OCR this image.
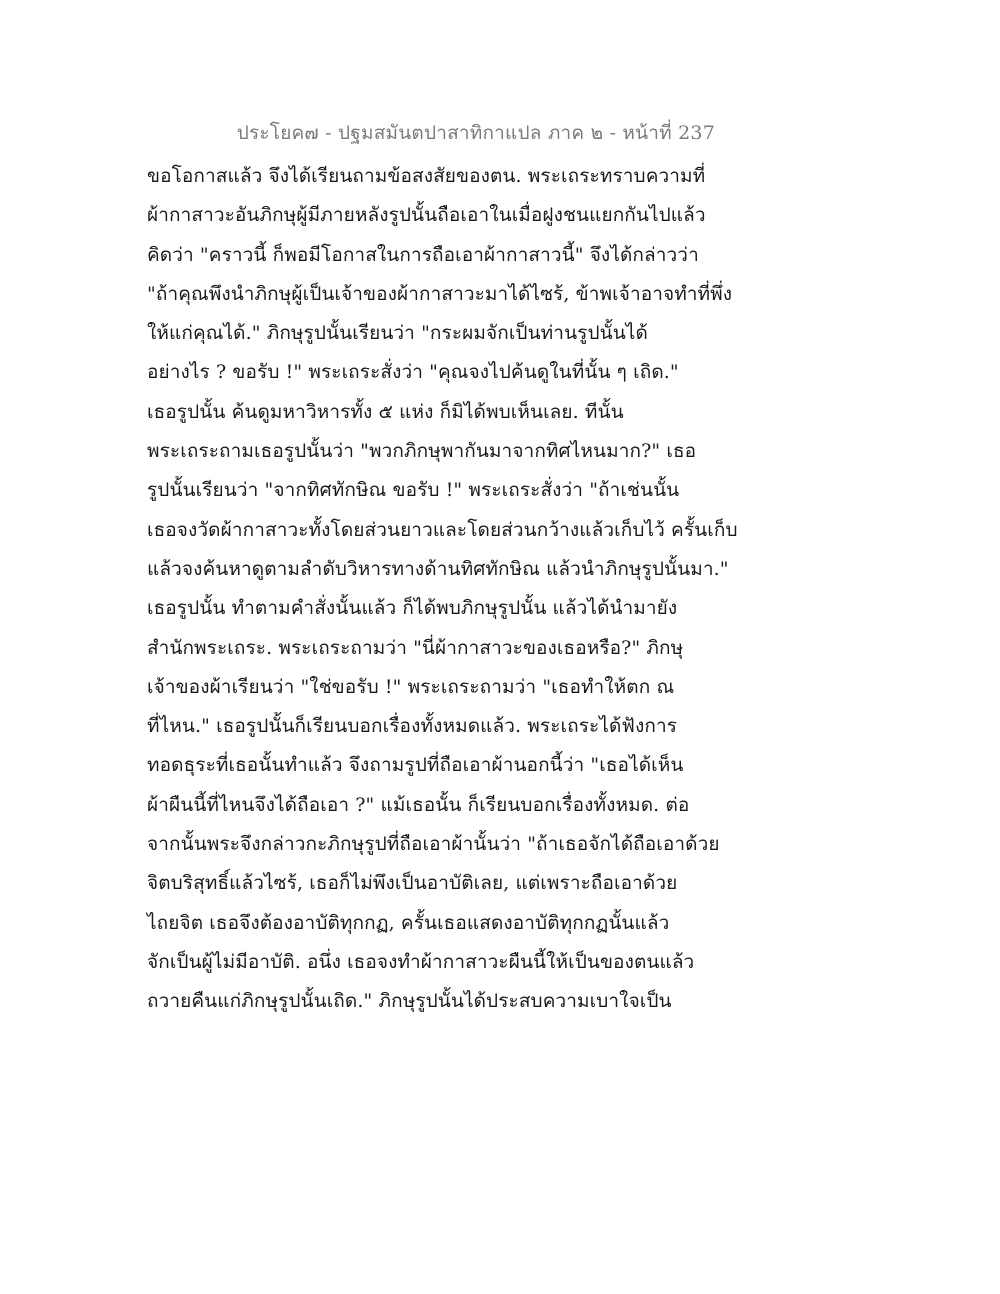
ประโยค๗ - ปฐมสมันตปาสาทิกาแปล ภาค ๒ - หน้าที่ 237
ขอโอกาสแล้ว จึงได้เรียนถามข้อสงสัยของตน. พระเถระทราบความที่
ผ้ากาสาวะอันภิกษุผู้มีภายหลังรูปนั้นถือเอาในเมื่อฝูงชนแยกกันไปแล้ว
คิดว่า "คราวนี้ ก็พอมีโอกาสในการถือเอาผ้ากาสาวนี้" จึงได้กล่าวว่า
"ถ้าคุณพึงนำภิกษุผู้เป็นเจ้าของผ้ากาสาวะมาได้ไซร้, ข้าพเจ้าอาจทำที่พึ่ง
ให้แก่คุณได้." ภิกษุรูปนั้นเรียนว่า "กระผมจักเป็นท่านรูปนั้นได้
อย่างไร ? ขอรับ !" พระเถระสั่งว่า "คุณจงไปค้นดูในที่นั้น ๆ เถิด."
เธอรูปนั้น ค้นดูมหาวิหารทั้ง ๕ แห่ง ก็มิได้พบเห็นเลย. ทีนั้น
พระเถระถามเธอรูปนั้นว่า "พวกภิกษุพากันมาจากทิศไหนมาก?" เธอ
รูปนั้นเรียนว่า "จากทิศทักษิณ ขอรับ !" พระเถระสั่งว่า "ถ้าเช่นนั้น
เธอจงวัดผ้ากาสาวะทั้งโดยส่วนยาวและโดยส่วนกว้างแล้วเก็บไว้ ครั้นเก็บ
แล้วจงค้นหาดูตามลำดับวิหารทางด้านทิศทักษิณ แล้วนำภิกษุรูปนั้นมา."
เธอรูปนั้น ทำตามคำสั่งนั้นแล้ว ก็ได้พบภิกษุรูปนั้น แล้วได้นำมายัง
สำนักพระเถระ. พระเถระถามว่า "นี่ผ้ากาสาวะของเธอหรือ?" ภิกษุ
เจ้าของผ้าเรียนว่า "ใช่ขอรับ !" พระเถระถามว่า "เธอทำให้ตก ณ
ที่ไหน." เธอรูปนั้นก็เรียนบอกเรื่องทั้งหมดแล้ว. พระเถระได้ฟังการ
ทอดธุระที่เธอนั้นทำแล้ว จึงถามรูปที่ถือเอาผ้านอกนี้ว่า "เธอได้เห็น
ผ้าผืนนี้ที่ไหนจึงได้ถือเอา ?" แม้เธอนั้น ก็เรียนบอกเรื่องทั้งหมด. ต่อ
จากนั้นพระจึงกล่าวกะภิกษุรูปที่ถือเอาผ้านั้นว่า "ถ้าเธอจักได้ถือเอาด้วย
จิตบริสุทธิ์แล้วไซร้, เธอก็ไม่พึงเป็นอาบัติเลย, แต่เพราะถือเอาด้วย
ไถยจิต เธอจึงต้องอาบัติทุกกฏ, ครั้นเธอแสดงอาบัติทุกกฏนั้นแล้ว
จักเป็นผู้ไม่มีอาบัติ. อนึ่ง เธอจงทำผ้ากาสาวะผืนนี้ให้เป็นของตนแล้ว
ถวายคืนแก่ภิกษุรูปนั้นเถิด." ภิกษุรูปนั้นได้ประสบความเบาใจเป็น
